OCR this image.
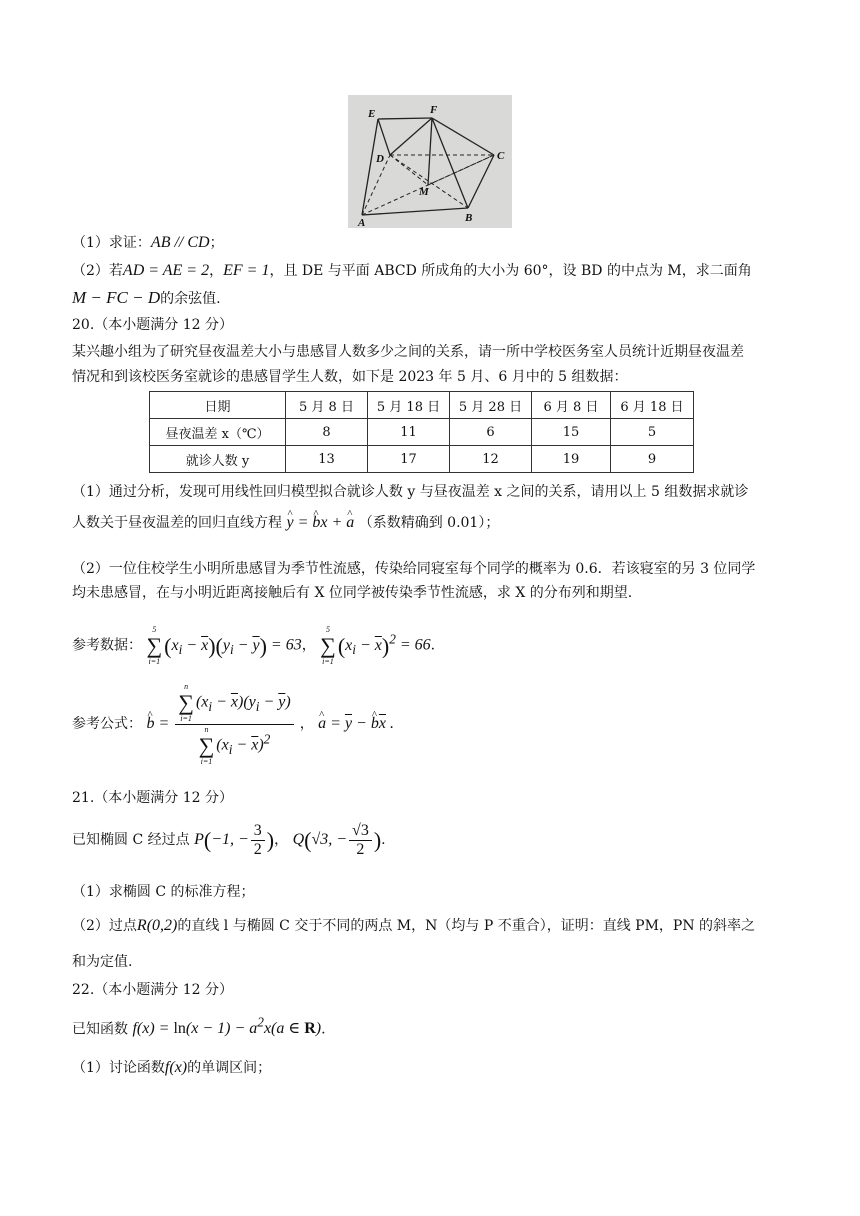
E	F
D	C
M
A	B
（1）求证：AB // CD；
（2）若AD = AE = 2，EF = 1，且 DE 与平面 ABCD 所成角的大小为 60°，设 BD 的中点为 M，求二面角
M − FC − D的余弦值.
20.（本小题满分 12 分）
某兴趣小组为了研究昼夜温差大小与患感冒人数多少之间的关系，请一所中学校医务室人员统计近期昼夜温差
情况和到该校医务室就诊的患感冒学生人数，如下是 2023 年 5 月、6 月中的 5 组数据：
日期	5 月 8 日	5 月 18 日	5 月 28 日	6 月 8 日	6 月 18 日
昼夜温差 x（℃）	8	11	6	15	5
就诊人数 y	13	17	12	19	9
（1）通过分析，发现可用线性回归模型拟合就诊人数 y 与昼夜温差 x 之间的关系，请用以上 5 组数据求就诊
人数关于昼夜温差的回归直线方程 ^ y = ^ bx + ^ a （系数精确到 0.01）；
（2）一位住校学生小明所患感冒为季节性流感，传染给同寝室每个同学的概率为 0.6．若该寝室的另 3 位同学
均未患感冒，在与小明近距离接触后有 X 位同学被传染季节性流感，求 X 的分布列和期望.
参考数据：
5
∑
i=1
$(x_i - \overline{x})(y_i - \overline{y}) = 63$，
5
∑
i=1
$(x_i - \overline{x})^2 = 66$.
参考公式： ^ b = n
∑
i=1
$(x_i - \overline{x})(y_i - \overline{y})$
n
∑
i=1
$(x_i - \overline{x})^2$ ， ^ $a = \overline{y}$ − ^ $b\overline{x}$ .
21.（本小题满分 12 分）
已知椭圆 C 经过点 P(−1, − $\frac{3}{2}$ )， Q(√3, − $\frac{√3}{2}$ ).
（1）求椭圆 C 的标准方程；
（2）过点R(0,2)的直线 l 与椭圆 C 交于不同的两点 M，N（均与 P 不重合），证明：直线 PM，PN 的斜率之
和为定值.
22.（本小题满分 12 分）
已知函数 $f(x) = \ln(x - 1) - a^2x(a$ ∈ R).
（1）讨论函数f(x)的单调区间；
